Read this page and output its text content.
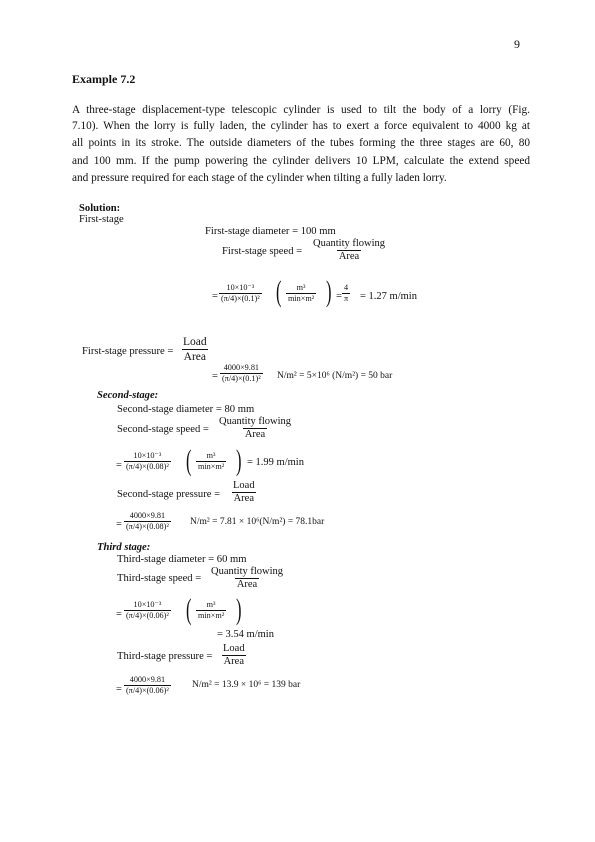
9
Example 7.2
A three-stage displacement-type telescopic cylinder is used to tilt the body of a lorry (Fig.
7.10). When the lorry is fully laden, the cylinder has to exert a force equivalent to 4000 kg at
all points in its stroke. The outside diameters of the tubes forming the three stages are 60, 80
and 100 mm. If the pump powering the cylinder delivers 10 LPM, calculate the extend speed
and pressure required for each stage of the cylinder when tilting a fully laden lorry.
Solution:
First-stage
First-stage diameter = 100 mm
First-stage speed =
Quantity flowing
Area
= $\frac{\text{10×10⁻³}}{\text{(π/4)×(0.1)²}}$ ( m³
min×m² ) = $\frac{4}{\pi} = 1.27$ m/min
First-stage pressure =
Load
Area
= $\frac{4000\times 9.81}{\text{(π/4)×(0.1)²}} N/m^2 = 5\times 10^6$ (N/m²) = 50 bar
Second-stage:
Second-stage diameter = 80 mm
Second-stage speed =
Quantity flowing
Area
= $\frac{\text{10×10⁻³}}{\text{(π/4)×(0.08)²}}$ ( m³
min×m² ) = 1.99 m/min
Second-stage pressure =
Load
Area
= $\frac{4000\times 9.81}{\text{(π/4)×(0.08)²}} N/m^2 = 7.81 \times 10^6(N/m^2) = 78.1bar$
Third stage:
Third-stage diameter = 60 mm
Third-stage speed =
Quantity flowing
Area
= $\frac{\text{10×10⁻³}}{\text{(π/4)×(0.06)²}}$ ( m³
min×m² )
= 3.54 m/min
Third-stage pressure =
Load
Area
= $\frac{4000\times 9.81}{\text{(π/4)×(0.06)²}} N/m^2 = 13.9 \times 10^6 = 139$ bar
